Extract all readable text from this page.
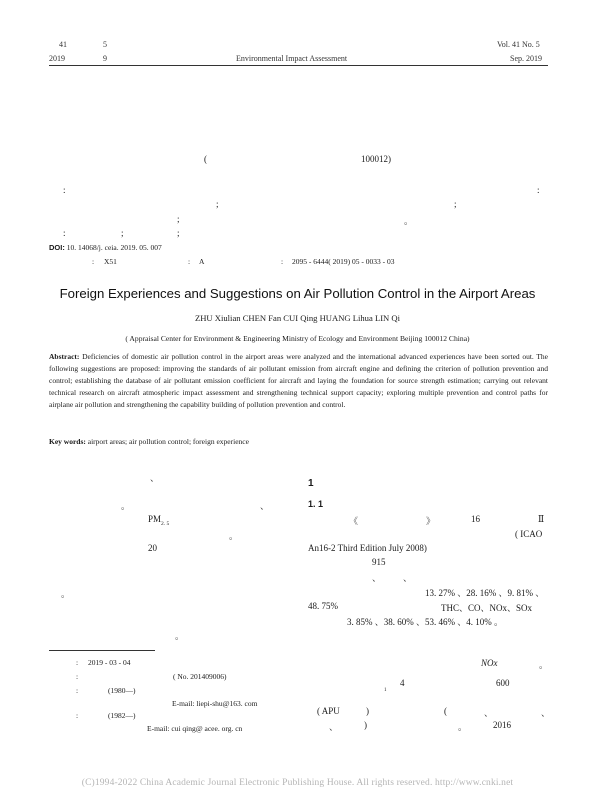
41	5
2019	9	Environmental Impact Assessment
Vol. 41 No. 5
Sep. 2019
(	100012)
:	:
;	;
;	。
:	;	;
DOI: 10. 14068/j. ceia. 2019. 05. 007
: X51	: A	: 2095 - 6444( 2019) 05 - 0033 - 03
Foreign Experiences and Suggestions on Air Pollution Control in the Airport Areas
ZHU Xiulian CHEN Fan CUI Qing HUANG Lihua LIN Qi
( Appraisal Center for Environment & Engineering Ministry of Ecology and Environment Beijing 100012 China)
Abstract: Deficiencies of domestic air pollution control in the airport areas were analyzed and the international advanced experiences have been sorted out. The following suggestions are proposed: improving the standards of air pollutant emission from aircraft engine and defining the criterion of pollution prevention and control; establishing the database of air pollutant emission coefficient for aircraft and laying the foundation for source strength estimation; carrying out relevant technical research on aircraft atmospheric impact assessment and strengthening technical support capacity; exploring multiple prevention and control paths for airplane air pollution and strengthening the capability building of pollution prevention and control.
Key words: airport areas; air pollution control; foreign experience
、
。	、
$PM_{2. 5}$
。
20
。
。
: 2019 - 03 - 04
:	( No. 201409006)
:	(1980—)
E-mail: liepi-shu@163. com
:	(1982—)
E-mail: cui qing@ acee. org. cn
1
1. 1
《	》	16	Ⅱ
( ICAO
An16-2 Third Edition July 2008)
915
、 、
13. 27% 、28. 16% 、9. 81% 、
48. 75%	THC、CO、NOx、SOx
3. 85% 、38. 60% 、53. 46% 、4. 10% 。
NOx	。
4	600
1
( APU	)	(	、	、
、	)	。	2016
(C)1994-2022 China Academic Journal Electronic Publishing House. All rights reserved. http://www.cnki.net
